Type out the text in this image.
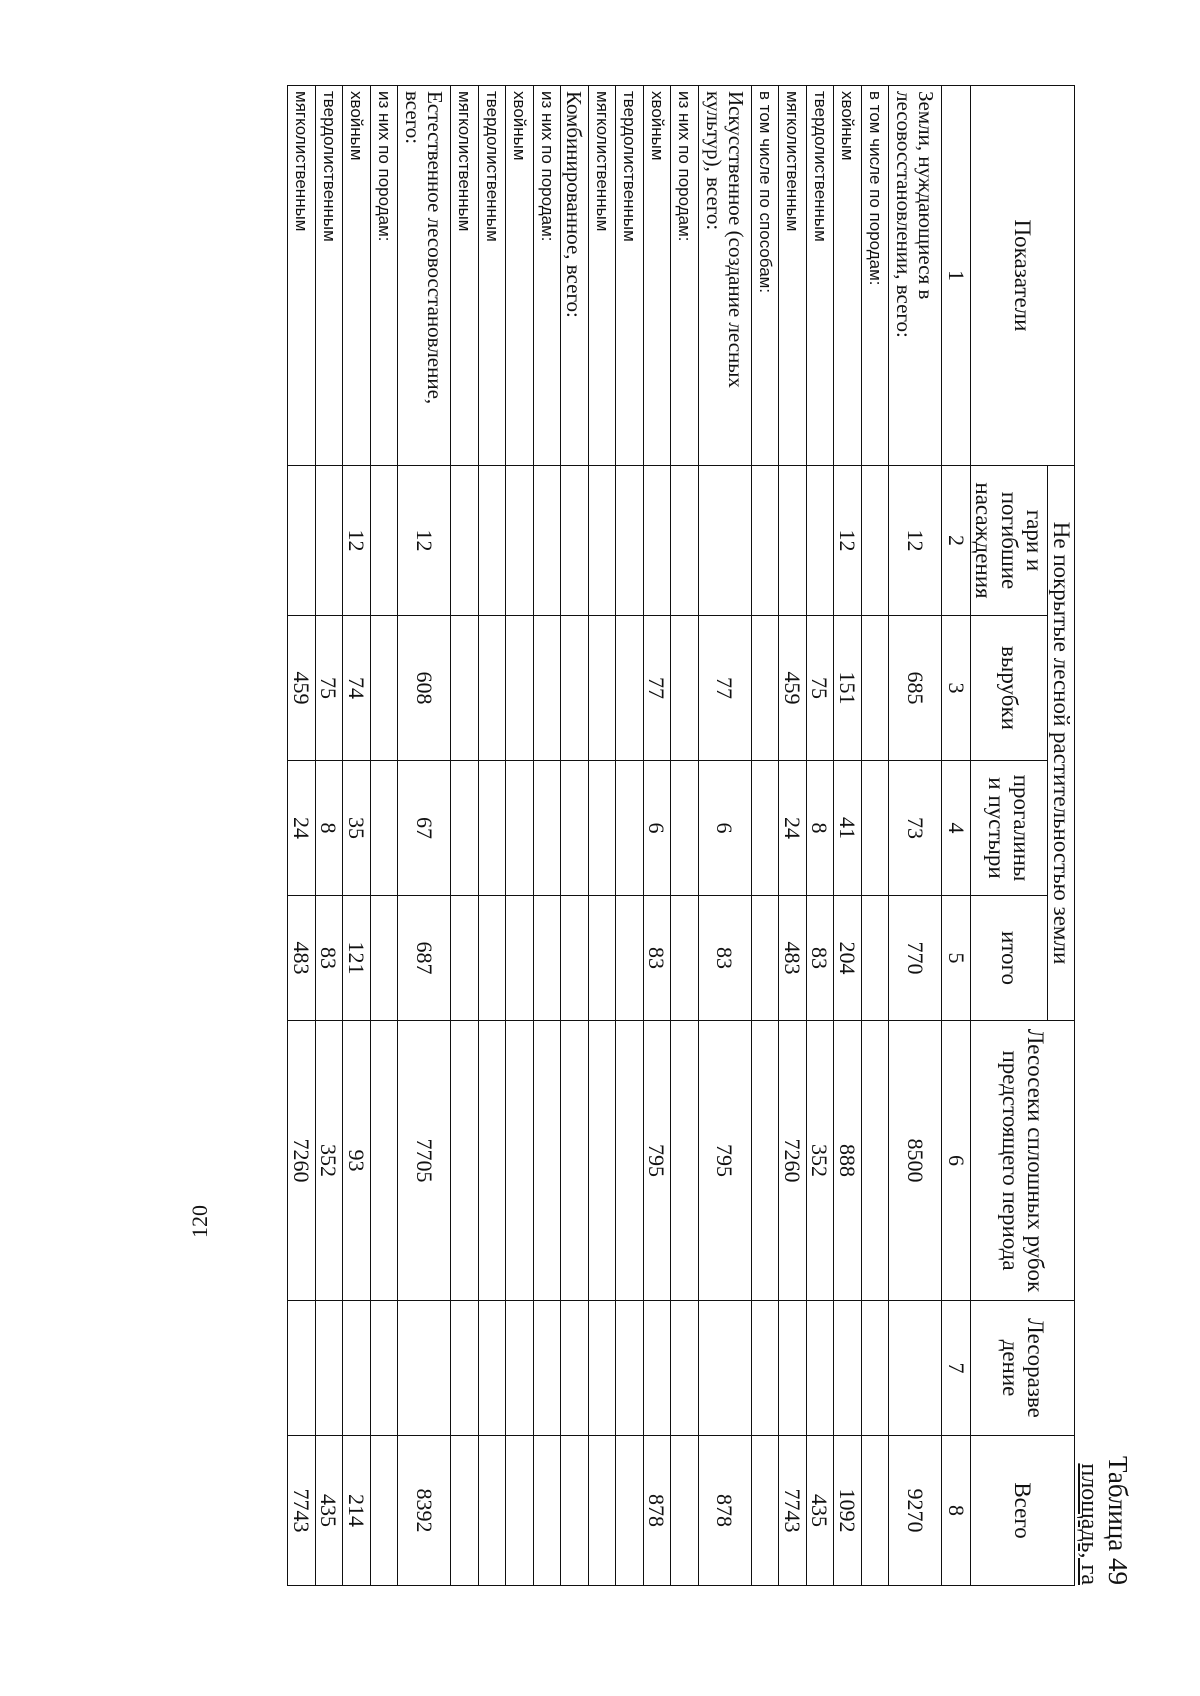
Таблица 49
площадь, га
Показатели	Не покрытые лесной растительностью земли				Лесосеки сплошных рубок предстоящего периода	Лесоразве дение	Всего
	гари и погибшие насаждения	вырубки	прогалины и пустыри	итого			
1	2	3	4	5	6	7	8
Земли, нуждающиеся в лесовосстановлении, всего:	12	685	73	770	8500		9270
в том числе по породам:							
хвойным	12	151	41	204	888		1092
твердолиственным		75	8	83	352		435
мягколиственным		459	24	483	7260		7743
в том числе по способам:							
Искусственное (создание лесных культур), всего:		77	6	83	795		878
из них по породам:							
хвойным		77	6	83	795		878
твердолиственным							
мягколиственным							
Комбинированное, всего:							
из них по породам:							
хвойным							
твердолиственным							
мягколиственным							
Естественное лесовосстановление, всего:	12	608	67	687	7705		8392
из них по породам:							
хвойным	12	74	35	121	93		214
твердолиственным		75	8	83	352		435
мягколиственным		459	24	483	7260		7743
120
